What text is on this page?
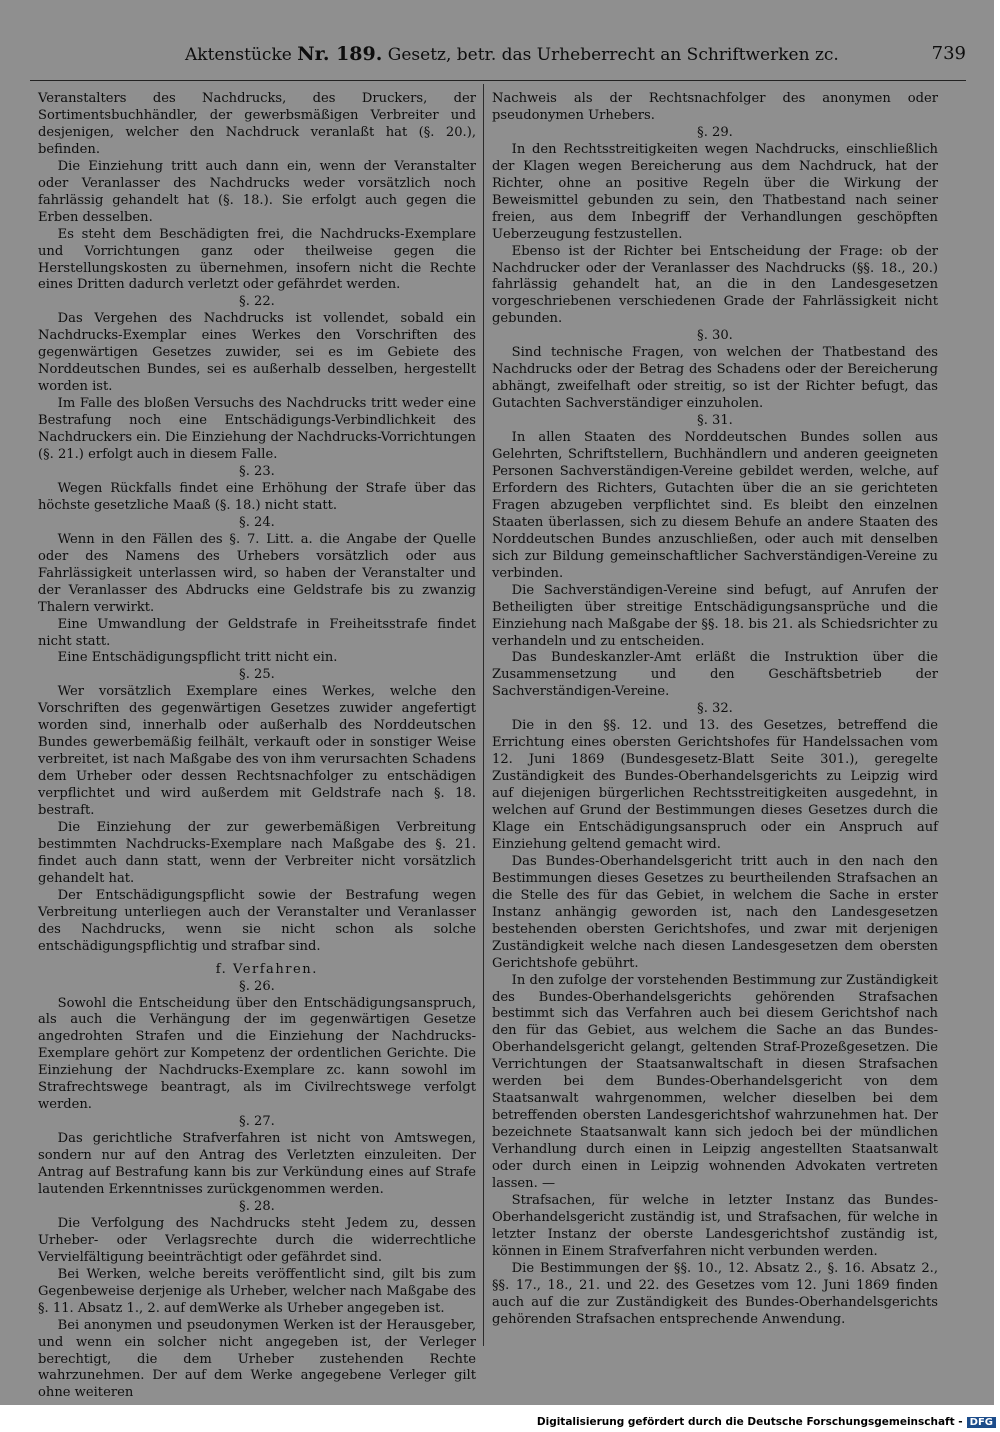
Aktenstücke Nr. 189. Gesetz, betr. das Urheberrecht an Schriftwerken zc.	739

Veranstalters des Nachdrucks, des Druckers, der Sortimentsbuchhändler, der gewerbsmäßigen Verbreiter und desjenigen, welcher den Nachdruck veranlaßt hat (§. 20.), befinden.

Die Einziehung tritt auch dann ein, wenn der Veranstalter oder Veranlasser des Nachdrucks weder vorsätzlich noch fahrlässig gehandelt hat (§. 18.). Sie erfolgt auch gegen die Erben desselben.

Es steht dem Beschädigten frei, die Nachdrucks-Exemplare und Vorrichtungen ganz oder theilweise gegen die Herstellungskosten zu übernehmen, insofern nicht die Rechte eines Dritten dadurch verletzt oder gefährdet werden.

§. 22.

Das Vergehen des Nachdrucks ist vollendet, sobald ein Nachdrucks-Exemplar eines Werkes den Vorschriften des gegenwärtigen Gesetzes zuwider, sei es im Gebiete des Norddeutschen Bundes, sei es außerhalb desselben, hergestellt worden ist.

Im Falle des bloßen Versuchs des Nachdrucks tritt weder eine Bestrafung noch eine Entschädigungs-Verbindlichkeit des Nachdruckers ein. Die Einziehung der Nachdrucks-Vorrichtungen (§. 21.) erfolgt auch in diesem Falle.

§. 23.

Wegen Rückfalls findet eine Erhöhung der Strafe über das höchste gesetzliche Maaß (§. 18.) nicht statt.

§. 24.

Wenn in den Fällen des §. 7. Litt. a. die Angabe der Quelle oder des Namens des Urhebers vorsätzlich oder aus Fahrlässigkeit unterlassen wird, so haben der Veranstalter und der Veranlasser des Abdrucks eine Geldstrafe bis zu zwanzig Thalern verwirkt.

Eine Umwandlung der Geldstrafe in Freiheitsstrafe findet nicht statt.

Eine Entschädigungspflicht tritt nicht ein.

§. 25.

Wer vorsätzlich Exemplare eines Werkes, welche den Vorschriften des gegenwärtigen Gesetzes zuwider angefertigt worden sind, innerhalb oder außerhalb des Norddeutschen Bundes gewerbemäßig feilhält, verkauft oder in sonstiger Weise verbreitet, ist nach Maßgabe des von ihm verursachten Schadens dem Urheber oder dessen Rechtsnachfolger zu entschädigen verpflichtet und wird außerdem mit Geldstrafe nach §. 18. bestraft.

Die Einziehung der zur gewerbemäßigen Verbreitung bestimmten Nachdrucks-Exemplare nach Maßgabe des §. 21. findet auch dann statt, wenn der Verbreiter nicht vorsätzlich gehandelt hat.

Der Entschädigungspflicht sowie der Bestrafung wegen Verbreitung unterliegen auch der Veranstalter und Veranlasser des Nachdrucks, wenn sie nicht schon als solche entschädigungspflichtig und strafbar sind.

f. Verfahren.

§. 26.

Sowohl die Entscheidung über den Entschädigungsanspruch, als auch die Verhängung der im gegenwärtigen Gesetze angedrohten Strafen und die Einziehung der Nachdrucks-Exemplare gehört zur Kompetenz der ordentlichen Gerichte. Die Einziehung der Nachdrucks-Exemplare zc. kann sowohl im Strafrechtswege beantragt, als im Civilrechtswege verfolgt werden.

§. 27.

Das gerichtliche Strafverfahren ist nicht von Amtswegen, sondern nur auf den Antrag des Verletzten einzuleiten. Der Antrag auf Bestrafung kann bis zur Verkündung eines auf Strafe lautenden Erkenntnisses zurückgenommen werden.

§. 28.

Die Verfolgung des Nachdrucks steht Jedem zu, dessen Urheber- oder Verlagsrechte durch die widerrechtliche Vervielfältigung beeinträchtigt oder gefährdet sind.

Bei Werken, welche bereits veröffentlicht sind, gilt bis zum Gegenbeweise derjenige als Urheber, welcher nach Maßgabe des §. 11. Absatz 1., 2. auf demWerke als Urheber angegeben ist.

Bei anonymen und pseudonymen Werken ist der Herausgeber, und wenn ein solcher nicht angegeben ist, der Verleger berechtigt, die dem Urheber zustehenden Rechte wahrzunehmen. Der auf dem Werke angegebene Verleger gilt ohne weiteren

Nachweis als der Rechtsnachfolger des anonymen oder pseudonymen Urhebers.

§. 29.

In den Rechtsstreitigkeiten wegen Nachdrucks, einschließlich der Klagen wegen Bereicherung aus dem Nachdruck, hat der Richter, ohne an positive Regeln über die Wirkung der Beweismittel gebunden zu sein, den Thatbestand nach seiner freien, aus dem Inbegriff der Verhandlungen geschöpften Ueberzeugung festzustellen.

Ebenso ist der Richter bei Entscheidung der Frage: ob der Nachdrucker oder der Veranlasser des Nachdrucks (§§. 18., 20.) fahrlässig gehandelt hat, an die in den Landesgesetzen vorgeschriebenen verschiedenen Grade der Fahrlässigkeit nicht gebunden.

§. 30.

Sind technische Fragen, von welchen der Thatbestand des Nachdrucks oder der Betrag des Schadens oder der Bereicherung abhängt, zweifelhaft oder streitig, so ist der Richter befugt, das Gutachten Sachverständiger einzuholen.

§. 31.

In allen Staaten des Norddeutschen Bundes sollen aus Gelehrten, Schriftstellern, Buchhändlern und anderen geeigneten Personen Sachverständigen-Vereine gebildet werden, welche, auf Erfordern des Richters, Gutachten über die an sie gerichteten Fragen abzugeben verpflichtet sind. Es bleibt den einzelnen Staaten überlassen, sich zu diesem Behufe an andere Staaten des Norddeutschen Bundes anzuschließen, oder auch mit denselben sich zur Bildung gemeinschaftlicher Sachverständigen-Vereine zu verbinden.

Die Sachverständigen-Vereine sind befugt, auf Anrufen der Betheiligten über streitige Entschädigungsansprüche und die Einziehung nach Maßgabe der §§. 18. bis 21. als Schiedsrichter zu verhandeln und zu entscheiden.

Das Bundeskanzler-Amt erläßt die Instruktion über die Zusammensetzung und den Geschäftsbetrieb der Sachverständigen-Vereine.

§. 32.

Die in den §§. 12. und 13. des Gesetzes, betreffend die Errichtung eines obersten Gerichtshofes für Handelssachen vom 12. Juni 1869 (Bundesgesetz-Blatt Seite 301.), geregelte Zuständigkeit des Bundes-Oberhandelsgerichts zu Leipzig wird auf diejenigen bürgerlichen Rechtsstreitigkeiten ausgedehnt, in welchen auf Grund der Bestimmungen dieses Gesetzes durch die Klage ein Entschädigungsanspruch oder ein Anspruch auf Einziehung geltend gemacht wird.

Das Bundes-Oberhandelsgericht tritt auch in den nach den Bestimmungen dieses Gesetzes zu beurtheilenden Strafsachen an die Stelle des für das Gebiet, in welchem die Sache in erster Instanz anhängig geworden ist, nach den Landesgesetzen bestehenden obersten Gerichtshofes, und zwar mit derjenigen Zuständigkeit welche nach diesen Landesgesetzen dem obersten Gerichtshofe gebührt.

In den zufolge der vorstehenden Bestimmung zur Zuständigkeit des Bundes-Oberhandelsgerichts gehörenden Strafsachen bestimmt sich das Verfahren auch bei diesem Gerichtshof nach den für das Gebiet, aus welchem die Sache an das Bundes-Oberhandelsgericht gelangt, geltenden Straf-Prozeßgesetzen. Die Verrichtungen der Staatsanwaltschaft in diesen Strafsachen werden bei dem Bundes-Oberhandelsgericht von dem Staatsanwalt wahrgenommen, welcher dieselben bei dem betreffenden obersten Landesgerichtshof wahrzunehmen hat. Der bezeichnete Staatsanwalt kann sich jedoch bei der mündlichen Verhandlung durch einen in Leipzig angestellten Staatsanwalt oder durch einen in Leipzig wohnenden Advokaten vertreten lassen. —

Strafsachen, für welche in letzter Instanz das Bundes-Oberhandelsgericht zuständig ist, und Strafsachen, für welche in letzter Instanz der oberste Landesgerichtshof zuständig ist, können in Einem Strafverfahren nicht verbunden werden.

Die Bestimmungen der §§. 10., 12. Absatz 2., §. 16. Absatz 2., §§. 17., 18., 21. und 22. des Gesetzes vom 12. Juni 1869 finden auch auf die zur Zuständigkeit des Bundes-Oberhandelsgerichts gehörenden Strafsachen entsprechende Anwendung.

Digitalisierung gefördert durch die Deutsche Forschungsgemeinschaft - DFG
